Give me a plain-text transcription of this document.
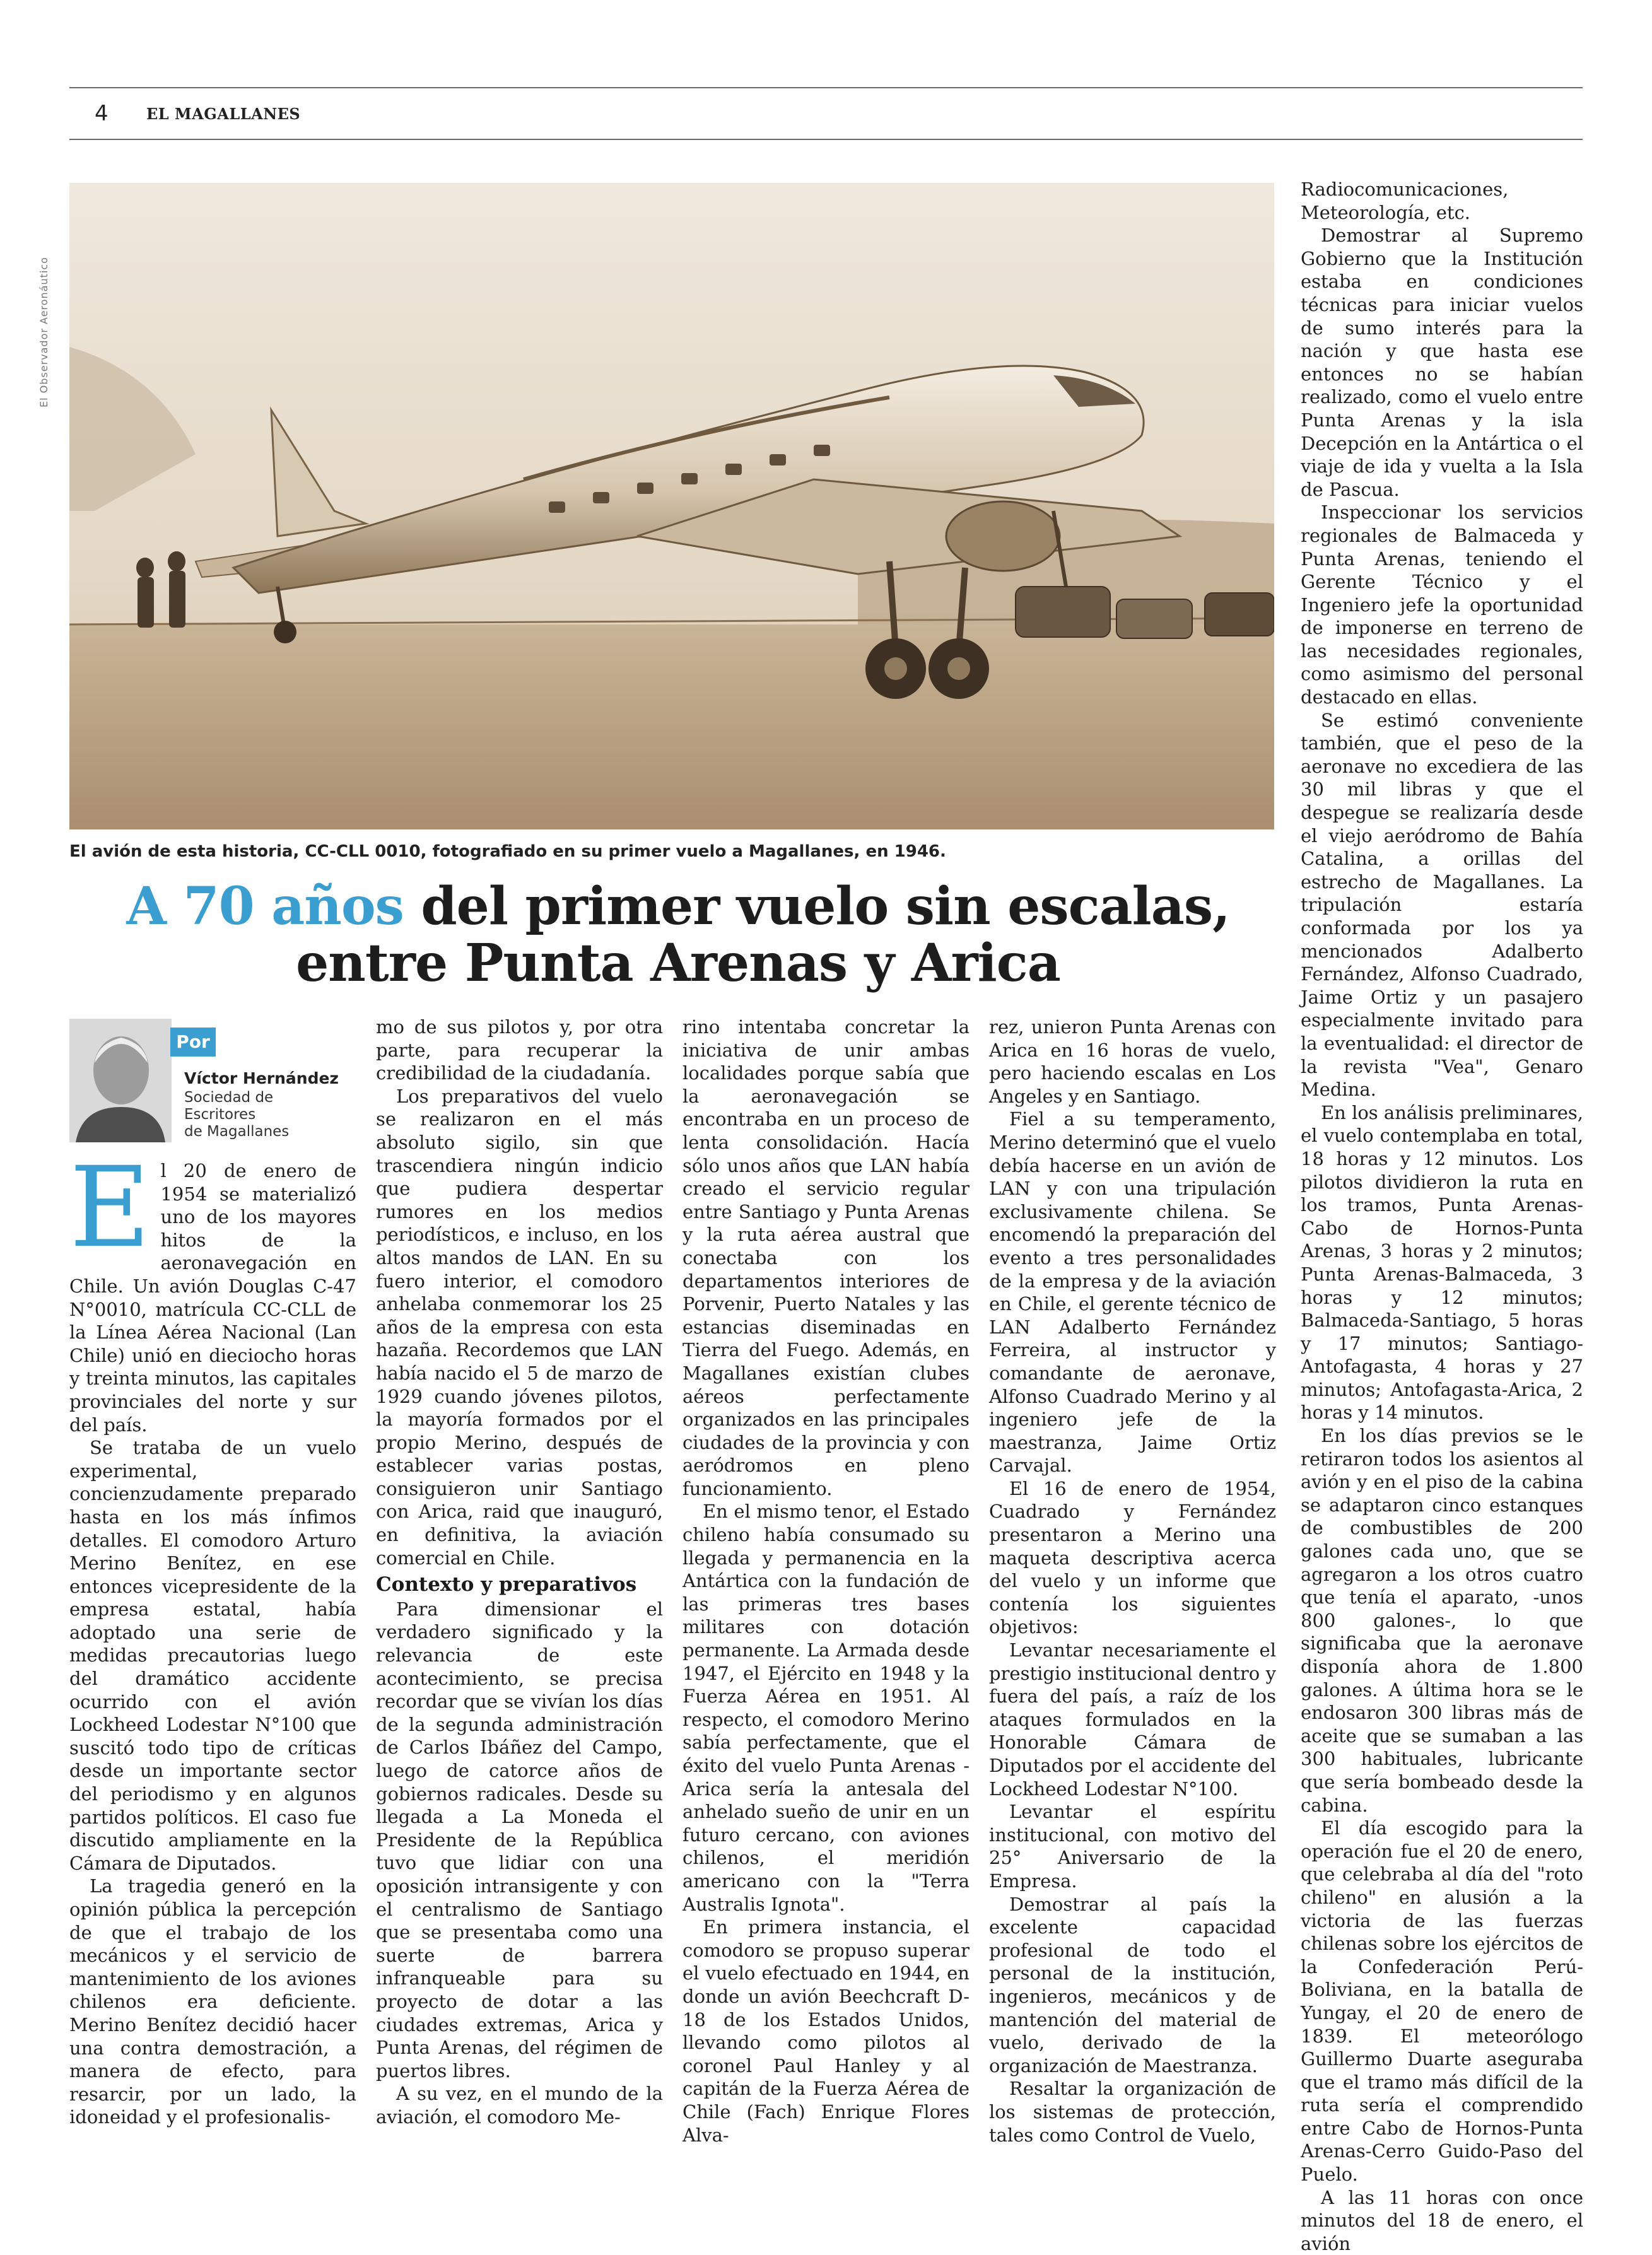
4	EL MAGALLANES
El Observador Aeronáutico
El avión de esta historia, CC-CLL 0010, fotografiado en su primer vuelo a Magallanes, en 1946.
A 70 años del primer vuelo sin escalas, entre Punta Arenas y Arica
Por
Víctor Hernández
Sociedad de
Escritores
de Magallanes

El 20 de enero de 1954 se materializó uno de los mayores hitos de la aeronavegación en Chile. Un avión Douglas C-47 N°0010, matrícula CC-CLL de la Línea Aérea Nacional (Lan Chile) unió en dieciocho horas y treinta minutos, las capitales provinciales del norte y sur del país.

Se trataba de un vuelo experimental, concienzudamente preparado hasta en los más ínfimos detalles. El comodoro Arturo Merino Benítez, en ese entonces vicepresidente de la empresa estatal, había adoptado una serie de medidas precautorias luego del dramático accidente ocurrido con el avión Lockheed Lodestar N°100 que suscitó todo tipo de críticas desde un importante sector del periodismo y en algunos partidos políticos. El caso fue discutido ampliamente en la Cámara de Diputados.

La tragedia generó en la opinión pública la percepción de que el trabajo de los mecánicos y el servicio de mantenimiento de los aviones chilenos era deficiente. Merino Benítez decidió hacer una contra demostración, a manera de efecto, para resarcir, por un lado, la idoneidad y el profesionalis-

mo de sus pilotos y, por otra parte, para recuperar la credibilidad de la ciudadanía.

Los preparativos del vuelo se realizaron en el más absoluto sigilo, sin que trascendiera ningún indicio que pudiera despertar rumores en los medios periodísticos, e incluso, en los altos mandos de LAN. En su fuero interior, el comodoro anhelaba conmemorar los 25 años de la empresa con esta hazaña. Recordemos que LAN había nacido el 5 de marzo de 1929 cuando jóvenes pilotos, la mayoría formados por el propio Merino, después de establecer varias postas, consiguieron unir Santiago con Arica, raid que inauguró, en definitiva, la aviación comercial en Chile.

Contexto y preparativos

Para dimensionar el verdadero significado y la relevancia de este acontecimiento, se precisa recordar que se vivían los días de la segunda administración de Carlos Ibáñez del Campo, luego de catorce años de gobiernos radicales. Desde su llegada a La Moneda el Presidente de la República tuvo que lidiar con una oposición intransigente y con el centralismo de Santiago que se presentaba como una suerte de barrera infranqueable para su proyecto de dotar a las ciudades extremas, Arica y Punta Arenas, del régimen de puertos libres.

A su vez, en el mundo de la aviación, el comodoro Me-

rino intentaba concretar la iniciativa de unir ambas localidades porque sabía que la aeronavegación se encontraba en un proceso de lenta consolidación. Hacía sólo unos años que LAN había creado el servicio regular entre Santiago y Punta Arenas y la ruta aérea austral que conectaba con los departamentos interiores de Porvenir, Puerto Natales y las estancias diseminadas en Tierra del Fuego. Además, en Magallanes existían clubes aéreos perfectamente organizados en las principales ciudades de la provincia y con aeródromos en pleno funcionamiento.

En el mismo tenor, el Estado chileno había consumado su llegada y permanencia en la Antártica con la fundación de las primeras tres bases militares con dotación permanente. La Armada desde 1947, el Ejército en 1948 y la Fuerza Aérea en 1951. Al respecto, el comodoro Merino sabía perfectamente, que el éxito del vuelo Punta Arenas - Arica sería la antesala del anhelado sueño de unir en un futuro cercano, con aviones chilenos, el meridión americano con la "Terra Australis Ignota".

En primera instancia, el comodoro se propuso superar el vuelo efectuado en 1944, en donde un avión Beechcraft D-18 de los Estados Unidos, llevando como pilotos al coronel Paul Hanley y al capitán de la Fuerza Aérea de Chile (Fach) Enrique Flores Alva-

rez, unieron Punta Arenas con Arica en 16 horas de vuelo, pero haciendo escalas en Los Angeles y en Santiago.

Fiel a su temperamento, Merino determinó que el vuelo debía hacerse en un avión de LAN y con una tripulación exclusivamente chilena. Se encomendó la preparación del evento a tres personalidades de la empresa y de la aviación en Chile, el gerente técnico de LAN Adalberto Fernández Ferreira, al instructor y comandante de aeronave, Alfonso Cuadrado Merino y al ingeniero jefe de la maestranza, Jaime Ortiz Carvajal.

El 16 de enero de 1954, Cuadrado y Fernández presentaron a Merino una maqueta descriptiva acerca del vuelo y un informe que contenía los siguientes objetivos:

Levantar necesariamente el prestigio institucional dentro y fuera del país, a raíz de los ataques formulados en la Honorable Cámara de Diputados por el accidente del Lockheed Lodestar N°100.

Levantar el espíritu institucional, con motivo del 25° Aniversario de la Empresa.

Demostrar al país la excelente capacidad profesional de todo el personal de la institución, ingenieros, mecánicos y de mantención del material de vuelo, derivado de la organización de Maestranza.

Resaltar la organización de los sistemas de protección, tales como Control de Vuelo,

Radiocomunicaciones, Meteorología, etc.

Demostrar al Supremo Gobierno que la Institución estaba en condiciones técnicas para iniciar vuelos de sumo interés para la nación y que hasta ese entonces no se habían realizado, como el vuelo entre Punta Arenas y la isla Decepción en la Antártica o el viaje de ida y vuelta a la Isla de Pascua.

Inspeccionar los servicios regionales de Balmaceda y Punta Arenas, teniendo el Gerente Técnico y el Ingeniero jefe la oportunidad de imponerse en terreno de las necesidades regionales, como asimismo del personal destacado en ellas.

Se estimó conveniente también, que el peso de la aeronave no excediera de las 30 mil libras y que el despegue se realizaría desde el viejo aeródromo de Bahía Catalina, a orillas del estrecho de Magallanes. La tripulación estaría conformada por los ya mencionados Adalberto Fernández, Alfonso Cuadrado, Jaime Ortiz y un pasajero especialmente invitado para la eventualidad: el director de la revista "Vea", Genaro Medina.

En los análisis preliminares, el vuelo contemplaba en total, 18 horas y 12 minutos. Los pilotos dividieron la ruta en los tramos, Punta Arenas-Cabo de Hornos-Punta Arenas, 3 horas y 2 minutos; Punta Arenas-Balmaceda, 3 horas y 12 minutos; Balmaceda-Santiago, 5 horas y 17 minutos; Santiago-Antofagasta, 4 horas y 27 minutos; Antofagasta-Arica, 2 horas y 14 minutos.

En los días previos se le retiraron todos los asientos al avión y en el piso de la cabina se adaptaron cinco estanques de combustibles de 200 galones cada uno, que se agregaron a los otros cuatro que tenía el aparato, -unos 800 galones-, lo que significaba que la aeronave disponía ahora de 1.800 galones. A última hora se le endosaron 300 libras más de aceite que se sumaban a las 300 habituales, lubricante que sería bombeado desde la cabina.

El día escogido para la operación fue el 20 de enero, que celebraba al día del "roto chileno" en alusión a la victoria de las fuerzas chilenas sobre los ejércitos de la Confederación Perú-Boliviana, en la batalla de Yungay, el 20 de enero de 1839. El meteorólogo Guillermo Duarte aseguraba que el tramo más difícil de la ruta sería el comprendido entre Cabo de Hornos-Punta Arenas-Cerro Guido-Paso del Puelo.

A las 11 horas con once minutos del 18 de enero, el avión
